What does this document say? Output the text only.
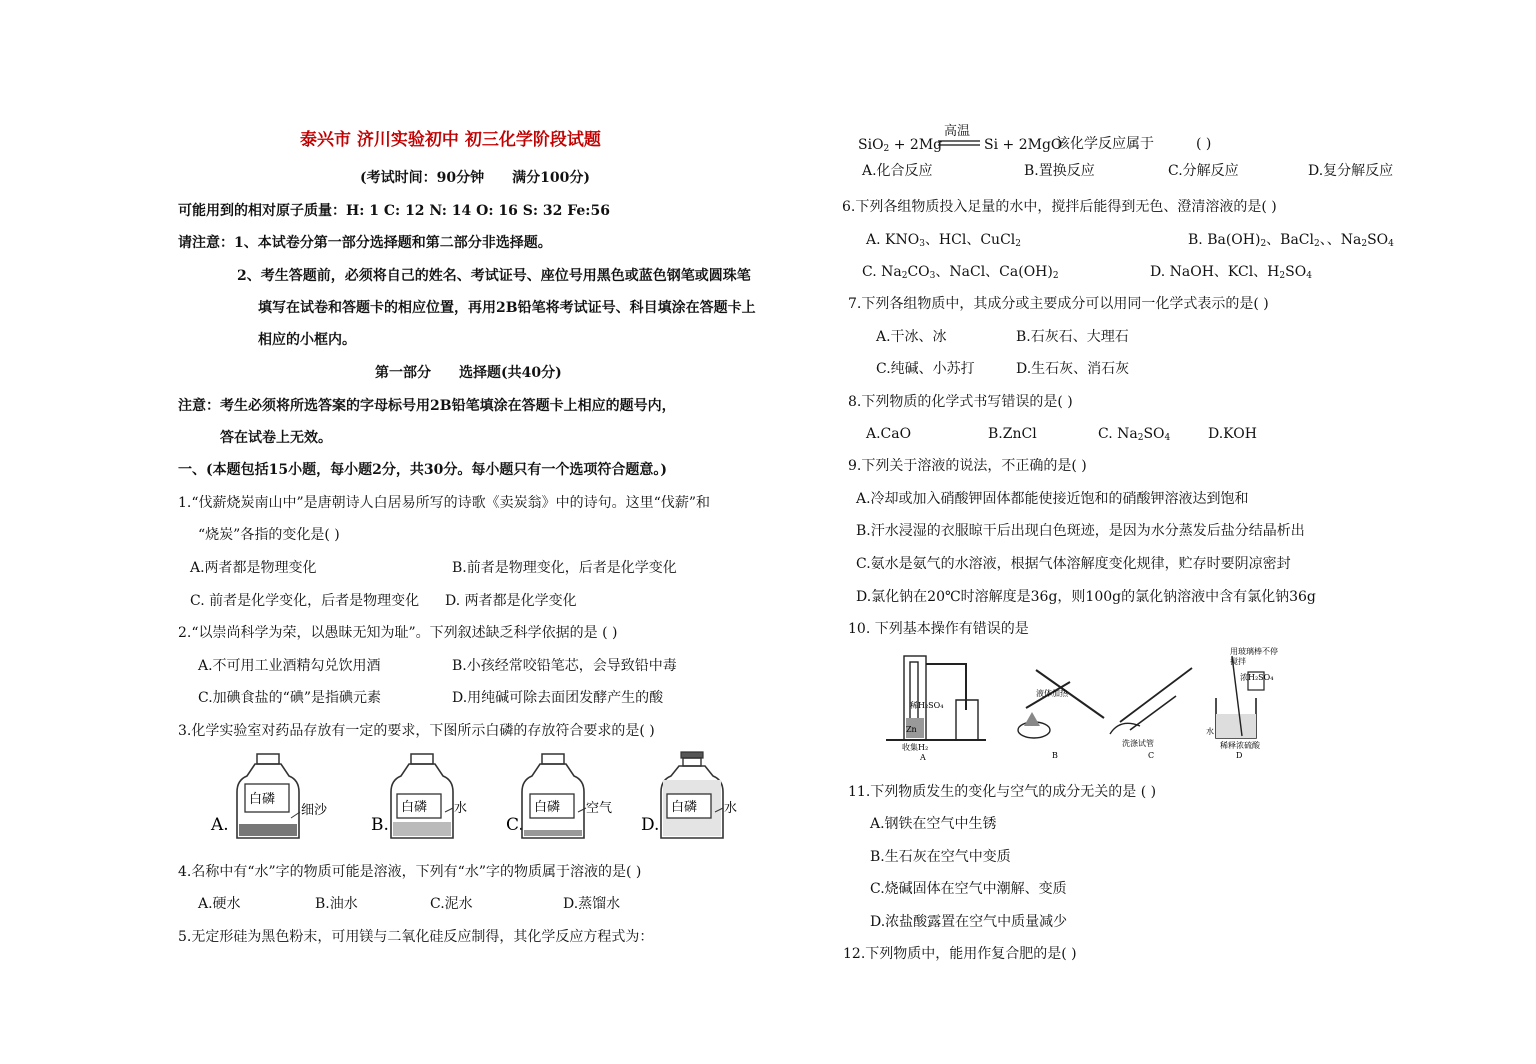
泰兴市 济川实验初中 初三化学阶段试题
(考试时间：90分钟　　满分100分)
可能用到的相对原子质量：H: 1 C: 12 N: 14 O: 16 S: 32 Fe:56
请注意：1、本试卷分第一部分选择题和第二部分非选择题。
2、考生答题前，必须将自己的姓名、考试证号、座位号用黑色或蓝色钢笔或圆珠笔
填写在试卷和答题卡的相应位置，再用2B铅笔将考试证号、科目填涂在答题卡上
相应的小框内。
第一部分　　选择题(共40分)
注意：考生必须将所选答案的字母标号用2B铅笔填涂在答题卡上相应的题号内，
答在试卷上无效。
一、(本题包括15小题，每小题2分，共30分。每小题只有一个选项符合题意。)
1.“伐薪烧炭南山中”是唐朝诗人白居易所写的诗歌《卖炭翁》中的诗句。这里“伐薪”和
“烧炭”各指的变化是( )
A.两者都是物理变化	B.前者是物理变化，后者是化学变化
C. 前者是化学变化，后者是物理变化 D. 两者都是化学变化
2.“以崇尚科学为荣，以愚昧无知为耻”。下列叙述缺乏科学依据的是 ( )
A.不可用工业酒精勾兑饮用酒	B.小孩经常咬铅笔芯，会导致铅中毒
C.加碘食盐的“碘”是指碘元素	D.用纯碱可除去面团发酵产生的酸
3.化学实验室对药品存放有一定的要求，下图所示白磷的存放符合要求的是( )
A.
白磷
细沙
B.
白磷 水
C.
白磷 空气
D.
白磷 水
4.名称中有“水”字的物质可能是溶液，下列有“水”字的物质属于溶液的是( )
A.硬水	B.油水	C.泥水	D.蒸馏水
5.无定形硅为黑色粉末，可用镁与二氧化硅反应制得，其化学反应方程式为：
SiO$_2$ + 2Mg
高温
Si + 2MgO
该化学反应属于　　　( )
A.化合反应	B.置换反应	C.分解反应	D.复分解反应
6.下列各组物质投入足量的水中，搅拌后能得到无色、澄清溶液的是( )
A. $KNO_3$、HCl、CuCl$_2$	B. $Ba(OH)_2$、BaCl$_2$、、$Na_2SO_4$
C. $Na_2CO_3$、NaCl、$Ca(OH)_2$	D. NaOH、KCl、$H_2SO_4$
7.下列各组物质中，其成分或主要成分可以用同一化学式表示的是( )
A.干冰、冰	B.石灰石、大理石
C.纯碱、小苏打	D.生石灰、消石灰
8.下列物质的化学式书写错误的是( )
A.CaO	B.ZnCl	C. $Na_2SO_4$	D.KOH
9.下列关于溶液的说法，不正确的是( )
A.冷却或加入硝酸钾固体都能使接近饱和的硝酸钾溶液达到饱和
B.汗水浸湿的衣服晾干后出现白色斑迹，是因为水分蒸发后盐分结晶析出
C.氨水是氨气的水溶液，根据气体溶解度变化规律，贮存时要阴凉密封
D.氯化钠在20℃时溶解度是36g，则100g的氯化钠溶液中含有氯化钠36g
10. 下列基本操作有错误的是
稀H₂SO₄
Zn
收集H₂
A
液体加热
B
洗涤试管
C
用玻璃棒不停
搅拌
浓H₂SO₄
水
稀释浓硫酸
D
11.下列物质发生的变化与空气的成分无关的是 ( )
A.钢铁在空气中生锈
B.生石灰在空气中变质
C.烧碱固体在空气中潮解、变质
D.浓盐酸露置在空气中质量减少
12.下列物质中，能用作复合肥的是( )
